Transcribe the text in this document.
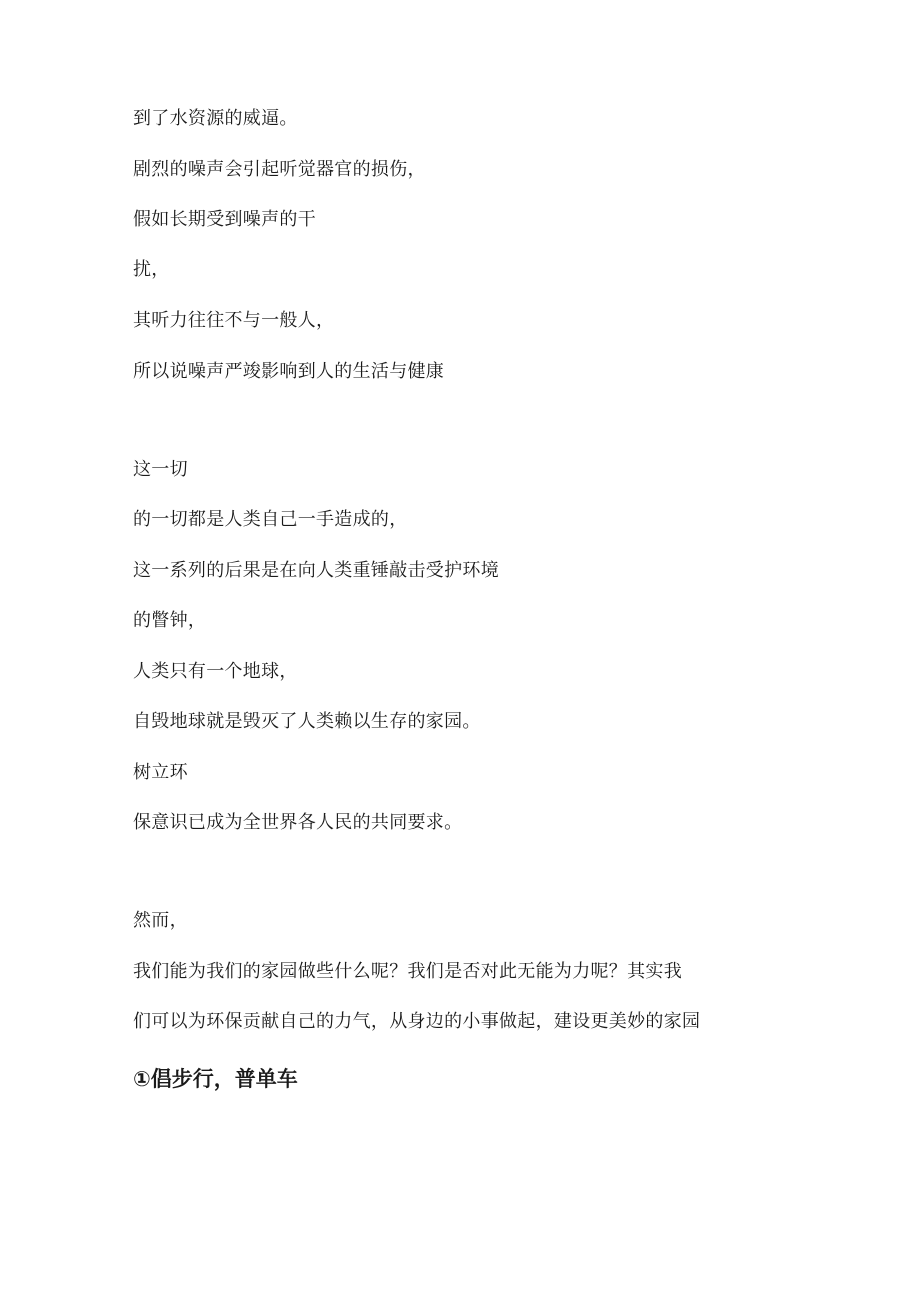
到了水资源的威逼。
剧烈的噪声会引起听觉器官的损伤，
假如长期受到噪声的干
扰，
其听力往往不与一般人，
所以说噪声严竣影响到人的生活与健康
这一切
的一切都是人类自己一手造成的，
这一系列的后果是在向人类重锤敲击受护环境
的瞥钟，
人类只有一个地球，
自毁地球就是毁灭了人类赖以生存的家园。
树立环
保意识已成为全世界各人民的共同要求。
然而，
我们能为我们的家园做些什么呢？我们是否对此无能为力呢？其实我
们可以为环保贡献自己的力气，从身边的小事做起，建设更美妙的家园
①倡步行，普单车
